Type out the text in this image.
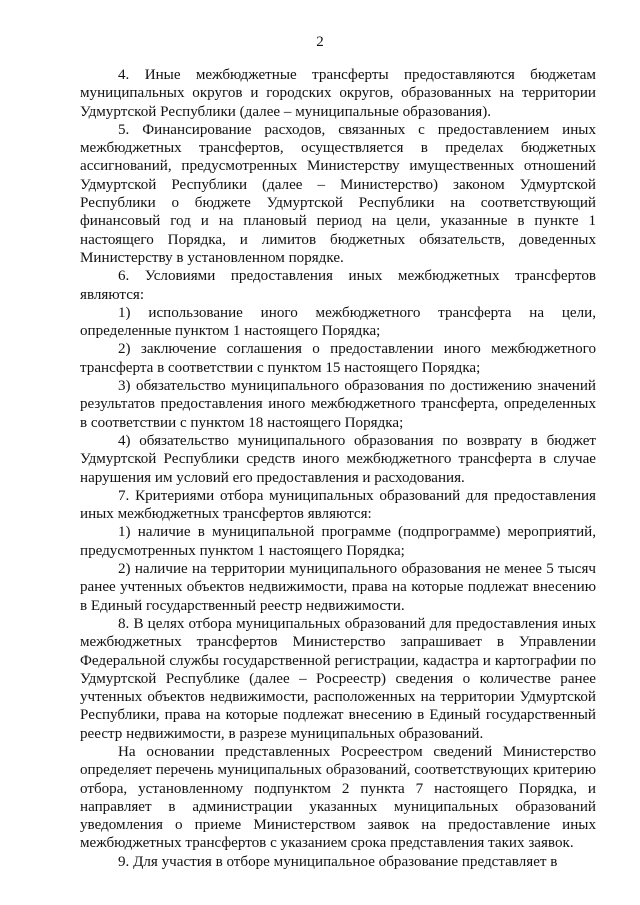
2

4. Иные межбюджетные трансферты предоставляются бюджетам муниципальных округов и городских округов, образованных на территории Удмуртской Республики (далее – муниципальные образования).

5. Финансирование расходов, связанных с предоставлением иных межбюджетных трансфертов, осуществляется в пределах бюджетных ассигнований, предусмотренных Министерству имущественных отношений Удмуртской Республики (далее – Министерство) законом Удмуртской Республики о бюджете Удмуртской Республики на соответствующий финансовый год и на плановый период на цели, указанные в пункте 1 настоящего Порядка, и лимитов бюджетных обязательств, доведенных Министерству в установленном порядке.

6. Условиями предоставления иных межбюджетных трансфертов являются:

1) использование иного межбюджетного трансферта на цели, определенные пунктом 1 настоящего Порядка;

2) заключение соглашения о предоставлении иного межбюджетного трансферта в соответствии с пунктом 15 настоящего Порядка;

3) обязательство муниципального образования по достижению значений результатов предоставления иного межбюджетного трансферта, определенных в соответствии с пунктом 18 настоящего Порядка;

4) обязательство муниципального образования по возврату в бюджет Удмуртской Республики средств иного межбюджетного трансферта в случае нарушения им условий его предоставления и расходования.

7. Критериями отбора муниципальных образований для предоставления иных межбюджетных трансфертов являются:

1) наличие в муниципальной программе (подпрограмме) мероприятий, предусмотренных пунктом 1 настоящего Порядка;

2) наличие на территории муниципального образования не менее 5 тысяч ранее учтенных объектов недвижимости, права на которые подлежат внесению в Единый государственный реестр недвижимости.

8. В целях отбора муниципальных образований для предоставления иных межбюджетных трансфертов Министерство запрашивает в Управлении Федеральной службы государственной регистрации, кадастра и картографии по Удмуртской Республике (далее – Росреестр) сведения о количестве ранее учтенных объектов недвижимости, расположенных на территории Удмуртской Республики, права на которые подлежат внесению в Единый государственный реестр недвижимости, в разрезе муниципальных образований.

На основании представленных Росреестром сведений Министерство определяет перечень муниципальных образований, соответствующих критерию отбора, установленному подпунктом 2 пункта 7 настоящего Порядка, и направляет в администрации указанных муниципальных образований уведомления о приеме Министерством заявок на предоставление иных межбюджетных трансфертов с указанием срока представления таких заявок.

9. Для участия в отборе муниципальное образование представляет в
